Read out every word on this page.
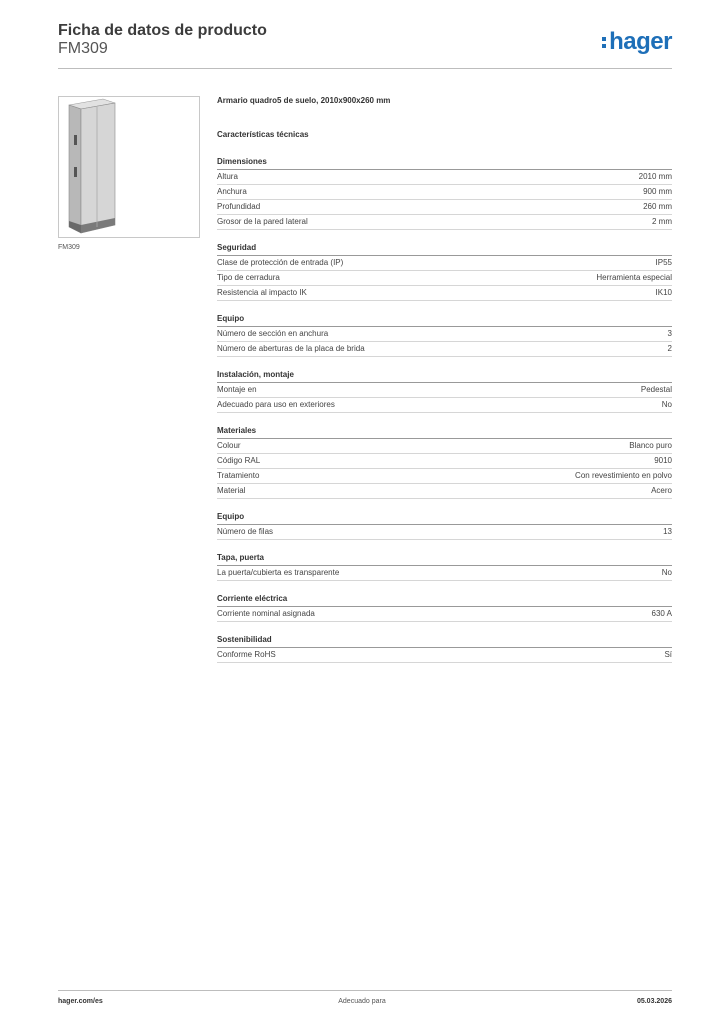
Ficha de datos de producto
FM309	hager
FM309
Armario quadro5 de suelo, 2010x900x260 mm
Características técnicas
Dimensiones
Altura	2010 mm
Anchura	900 mm
Profundidad	260 mm
Grosor de la pared lateral	2 mm
Seguridad
Clase de protección de entrada (IP)	IP55
Tipo de cerradura	Herramienta especial
Resistencia al impacto IK	IK10
Equipo
Número de sección en anchura	3
Número de aberturas de la placa de brida	2
Instalación, montaje
Montaje en	Pedestal
Adecuado para uso en exteriores	No
Materiales
Colour	Blanco puro
Código RAL	9010
Tratamiento	Con revestimiento en polvo
Material	Acero
Equipo
Número de filas	13
Tapa, puerta
La puerta/cubierta es transparente	No
Corriente eléctrica
Corriente nominal asignada	630 A
Sostenibilidad
Conforme RoHS	Sí
hager.com/es	Adecuado para	05.03.2026
